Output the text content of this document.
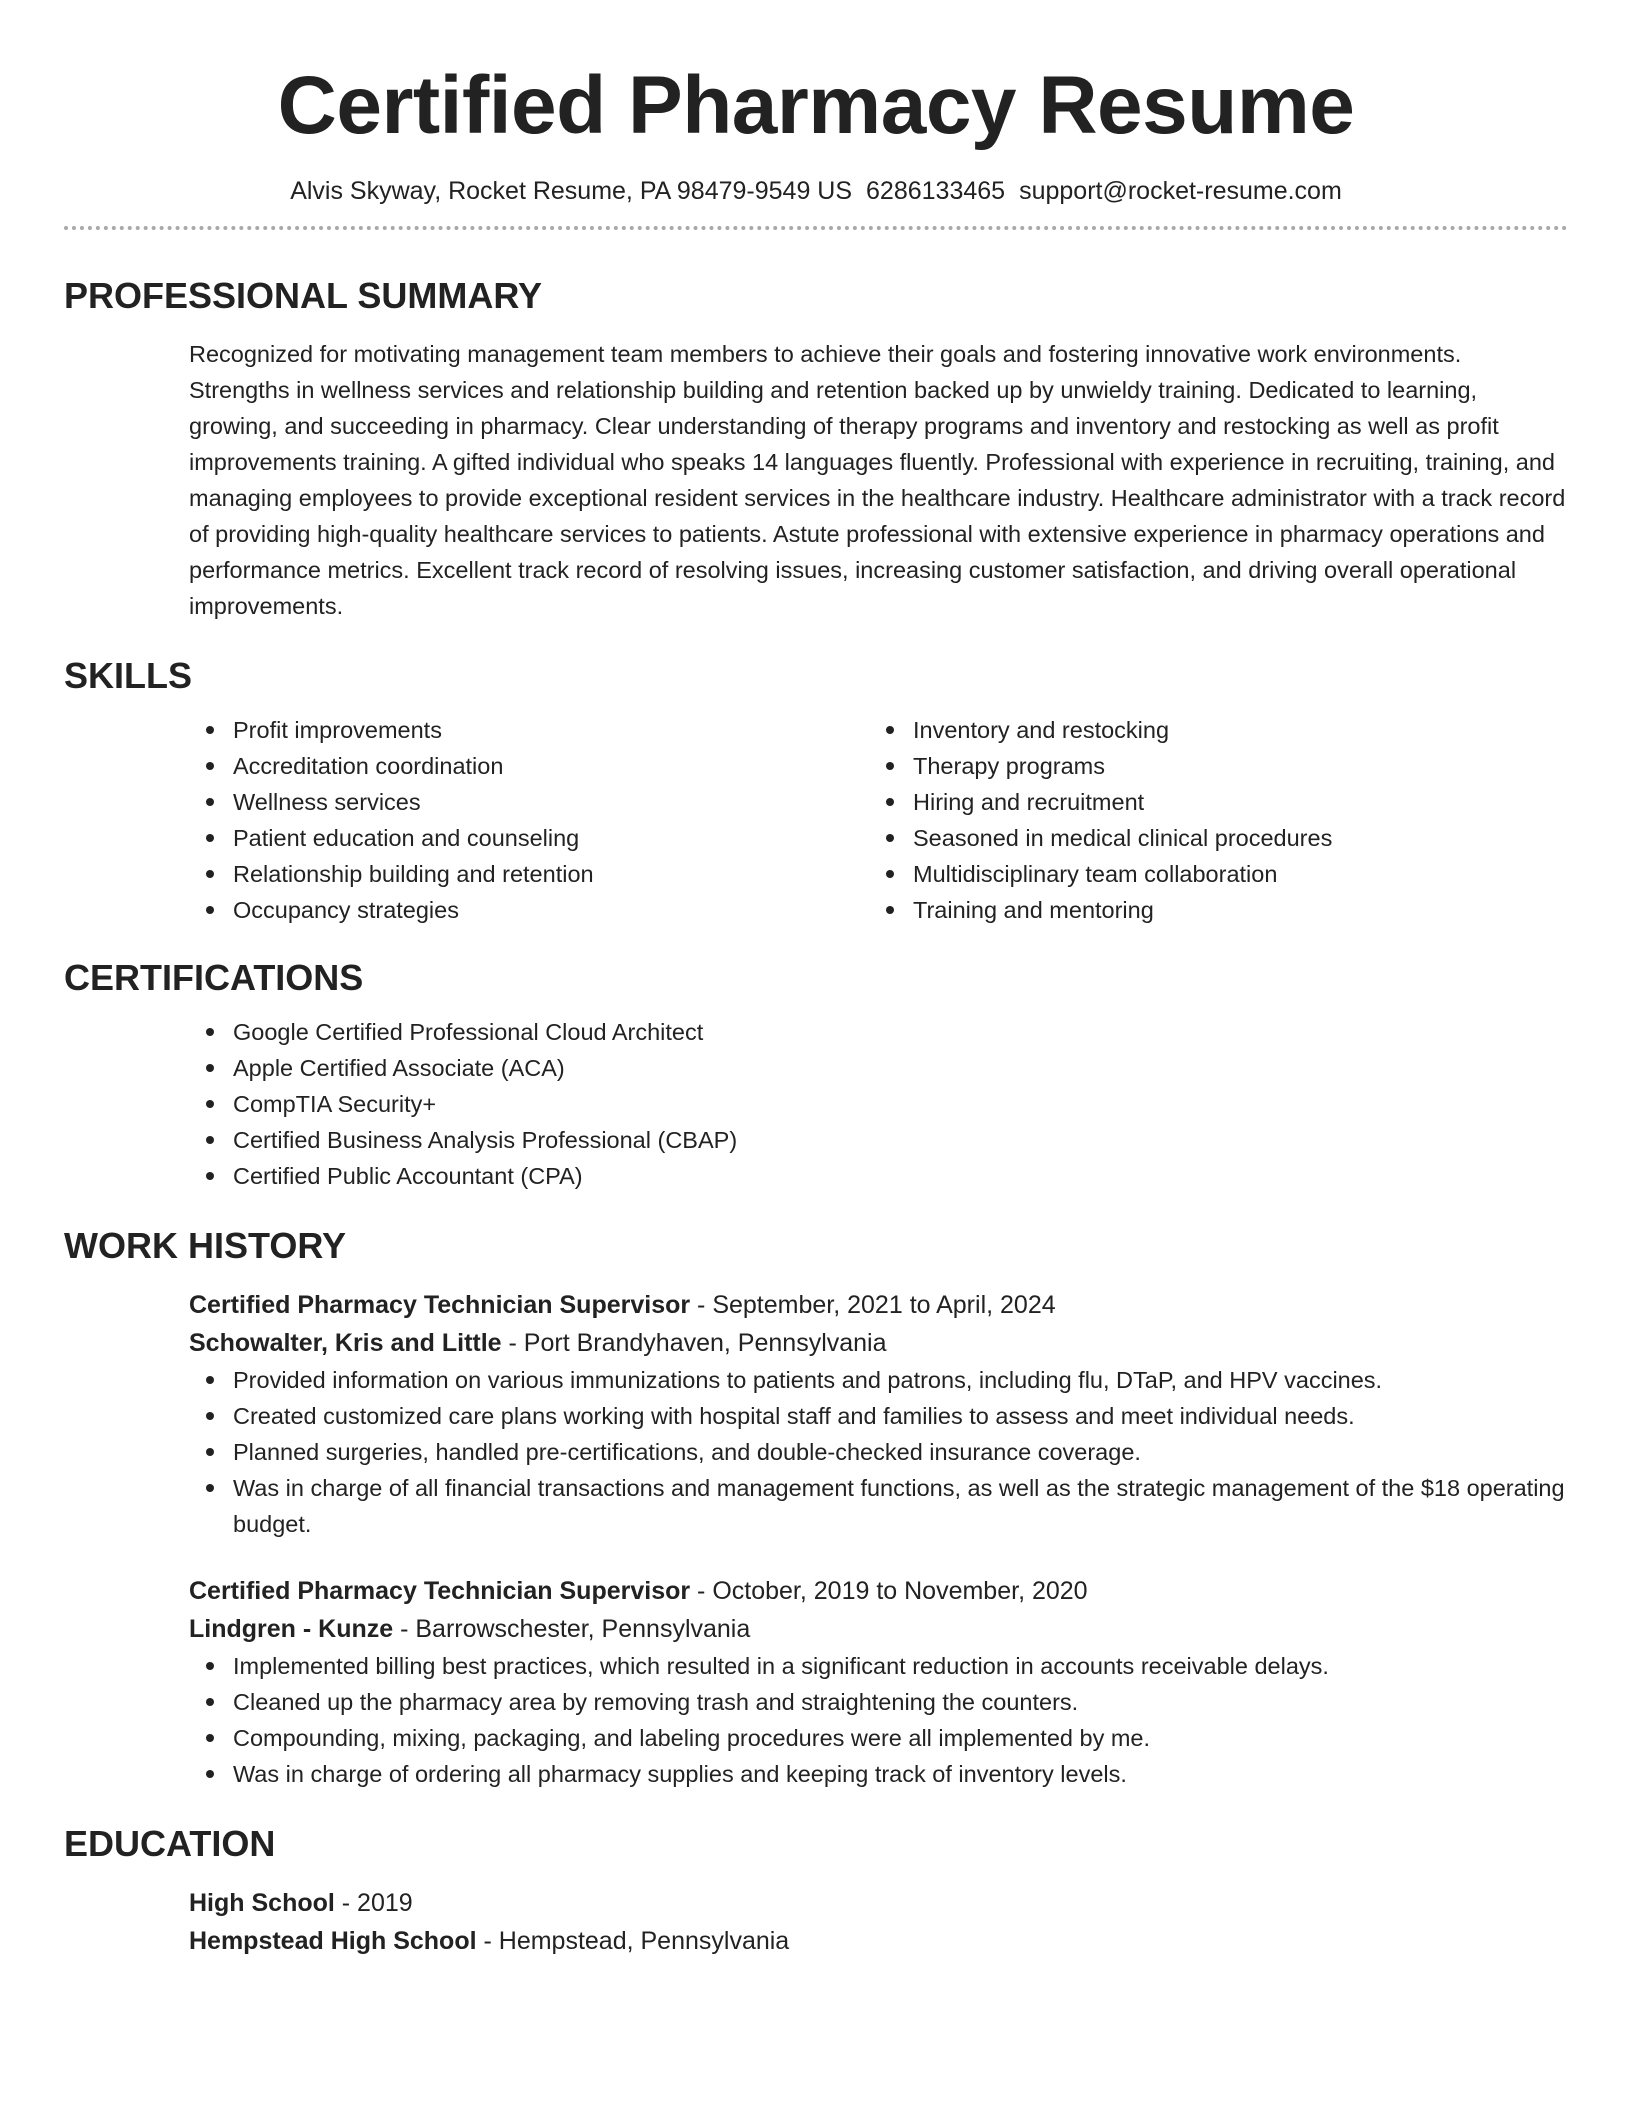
Certified Pharmacy Resume
Alvis Skyway, Rocket Resume, PA 98479-9549 US 6286133465 support@rocket-resume.com
PROFESSIONAL SUMMARY

Recognized for motivating management team members to achieve their goals and fostering innovative work environments. Strengths in wellness services and relationship building and retention backed up by unwieldy training. Dedicated to learning, growing, and succeeding in pharmacy. Clear understanding of therapy programs and inventory and restocking as well as profit improvements training. A gifted individual who speaks 14 languages fluently. Professional with experience in recruiting, training, and managing employees to provide exceptional resident services in the healthcare industry. Healthcare administrator with a track record of providing high-quality healthcare services to patients. Astute professional with extensive experience in pharmacy operations and performance metrics. Excellent track record of resolving issues, increasing customer satisfaction, and driving overall operational improvements.

SKILLS
Profit improvements
Accreditation coordination
Wellness services
Patient education and counseling
Relationship building and retention
Occupancy strategies
Inventory and restocking
Therapy programs
Hiring and recruitment
Seasoned in medical clinical procedures
Multidisciplinary team collaboration
Training and mentoring
CERTIFICATIONS
Google Certified Professional Cloud Architect
Apple Certified Associate (ACA)
CompTIA Security+
Certified Business Analysis Professional (CBAP)
Certified Public Accountant (CPA)
WORK HISTORY
Certified Pharmacy Technician Supervisor - September, 2021 to April, 2024
Schowalter, Kris and Little - Port Brandyhaven, Pennsylvania
Provided information on various immunizations to patients and patrons, including flu, DTaP, and HPV vaccines.
Created customized care plans working with hospital staff and families to assess and meet individual needs.
Planned surgeries, handled pre-certifications, and double-checked insurance coverage.
Was in charge of all financial transactions and management functions, as well as the strategic management of the $18 operating budget.
Certified Pharmacy Technician Supervisor - October, 2019 to November, 2020
Lindgren - Kunze - Barrowschester, Pennsylvania
Implemented billing best practices, which resulted in a significant reduction in accounts receivable delays.
Cleaned up the pharmacy area by removing trash and straightening the counters.
Compounding, mixing, packaging, and labeling procedures were all implemented by me.
Was in charge of ordering all pharmacy supplies and keeping track of inventory levels.
EDUCATION
High School - 2019
Hempstead High School - Hempstead, Pennsylvania
